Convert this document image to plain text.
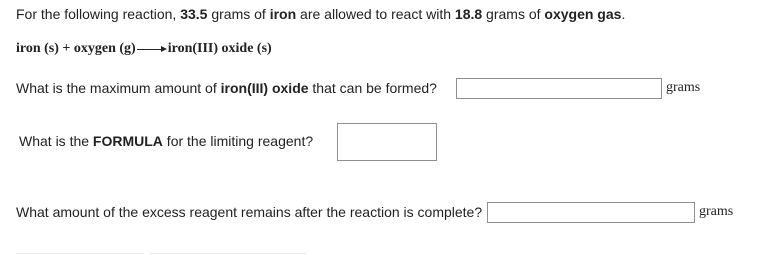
For the following reaction, 33.5 grams of iron are allowed to react with 18.8 grams of oxygen gas.
iron (s) + oxygen (g) iron(III) oxide (s)
What is the maximum amount of iron(III) oxide that can be formed?	grams
What is the FORMULA for the limiting reagent?
What amount of the excess reagent remains after the reaction is complete?	grams
